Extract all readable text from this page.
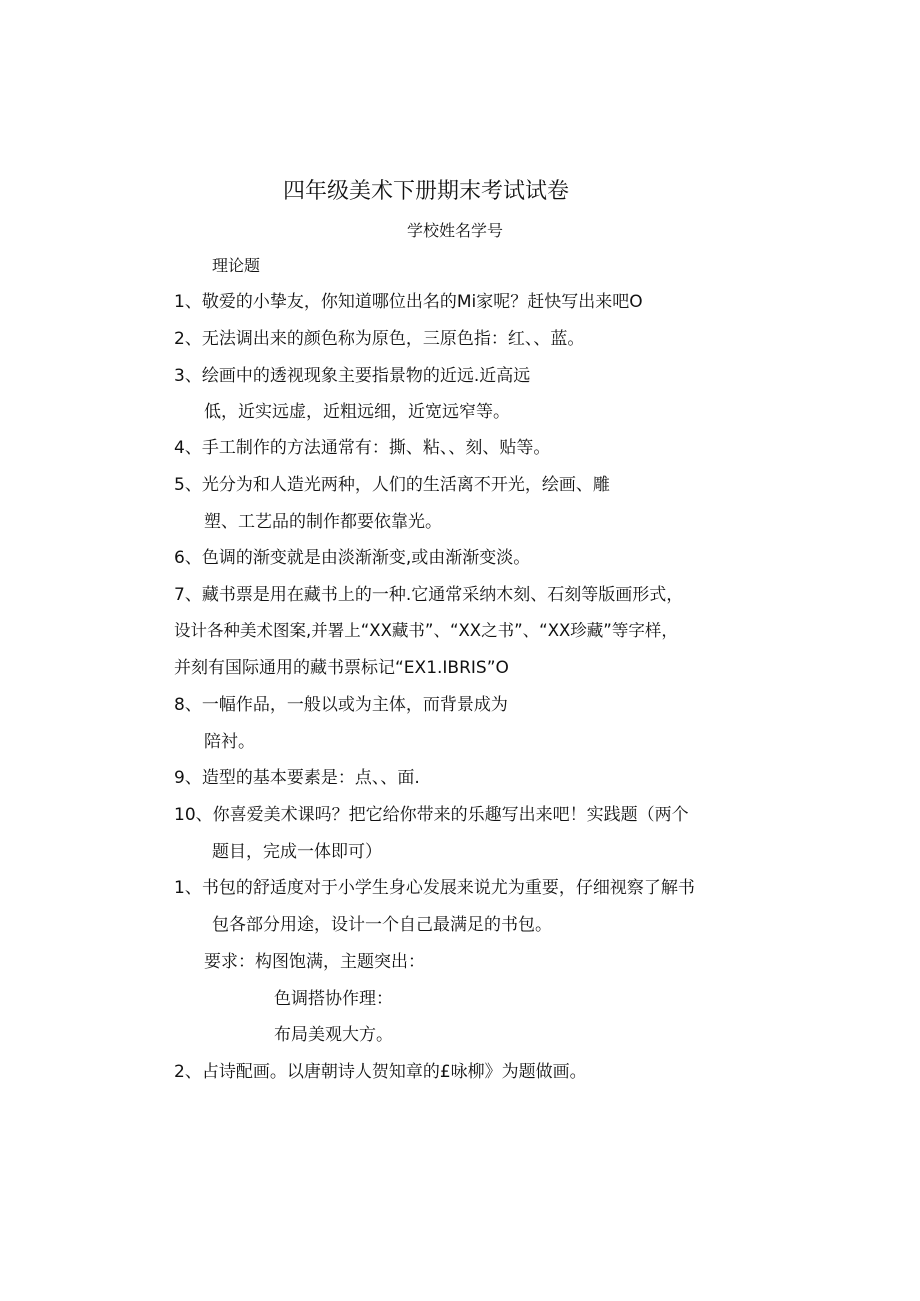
四年级美术下册期末考试试卷
学校姓名学号
理论题
1、敬爱的小挚友，你知道哪位出名的Mi家呢？赶快写出来吧O
2、无法调出来的颜色称为原色，三原色指：红、、蓝。
3、绘画中的透视现象主要指景物的近远.近高远
低，近实远虚，近粗远细，近宽远窄等。
4、手工制作的方法通常有：撕、粘、、刻、贴等。
5、光分为和人造光两种，人们的生活离不开光，绘画、雕
塑、工艺品的制作都要依靠光。
6、色调的渐变就是由淡渐渐变,或由渐渐变淡。
7、藏书票是用在藏书上的一种.它通常采纳木刻、石刻等版画形式，
设计各种美术图案,并署上“XX藏书”、“XX之书”、“XX珍藏”等字样，
并刻有国际通用的藏书票标记“EX1.IBRIS”O
8、一幅作品，一般以或为主体，而背景成为
陪衬。
9、造型的基本要素是：点、、面.
10、你喜爱美术课吗？把它给你带来的乐趣写出来吧！实践题（两个
题目，完成一体即可）
1、书包的舒适度对于小学生身心发展来说尤为重要，仔细视察了解书
包各部分用途，设计一个自己最满足的书包。
要求：构图饱满，主题突出：
色调搭协作理：
布局美观大方。
2、占诗配画。以唐朝诗人贺知章的£咏柳》为题做画。
